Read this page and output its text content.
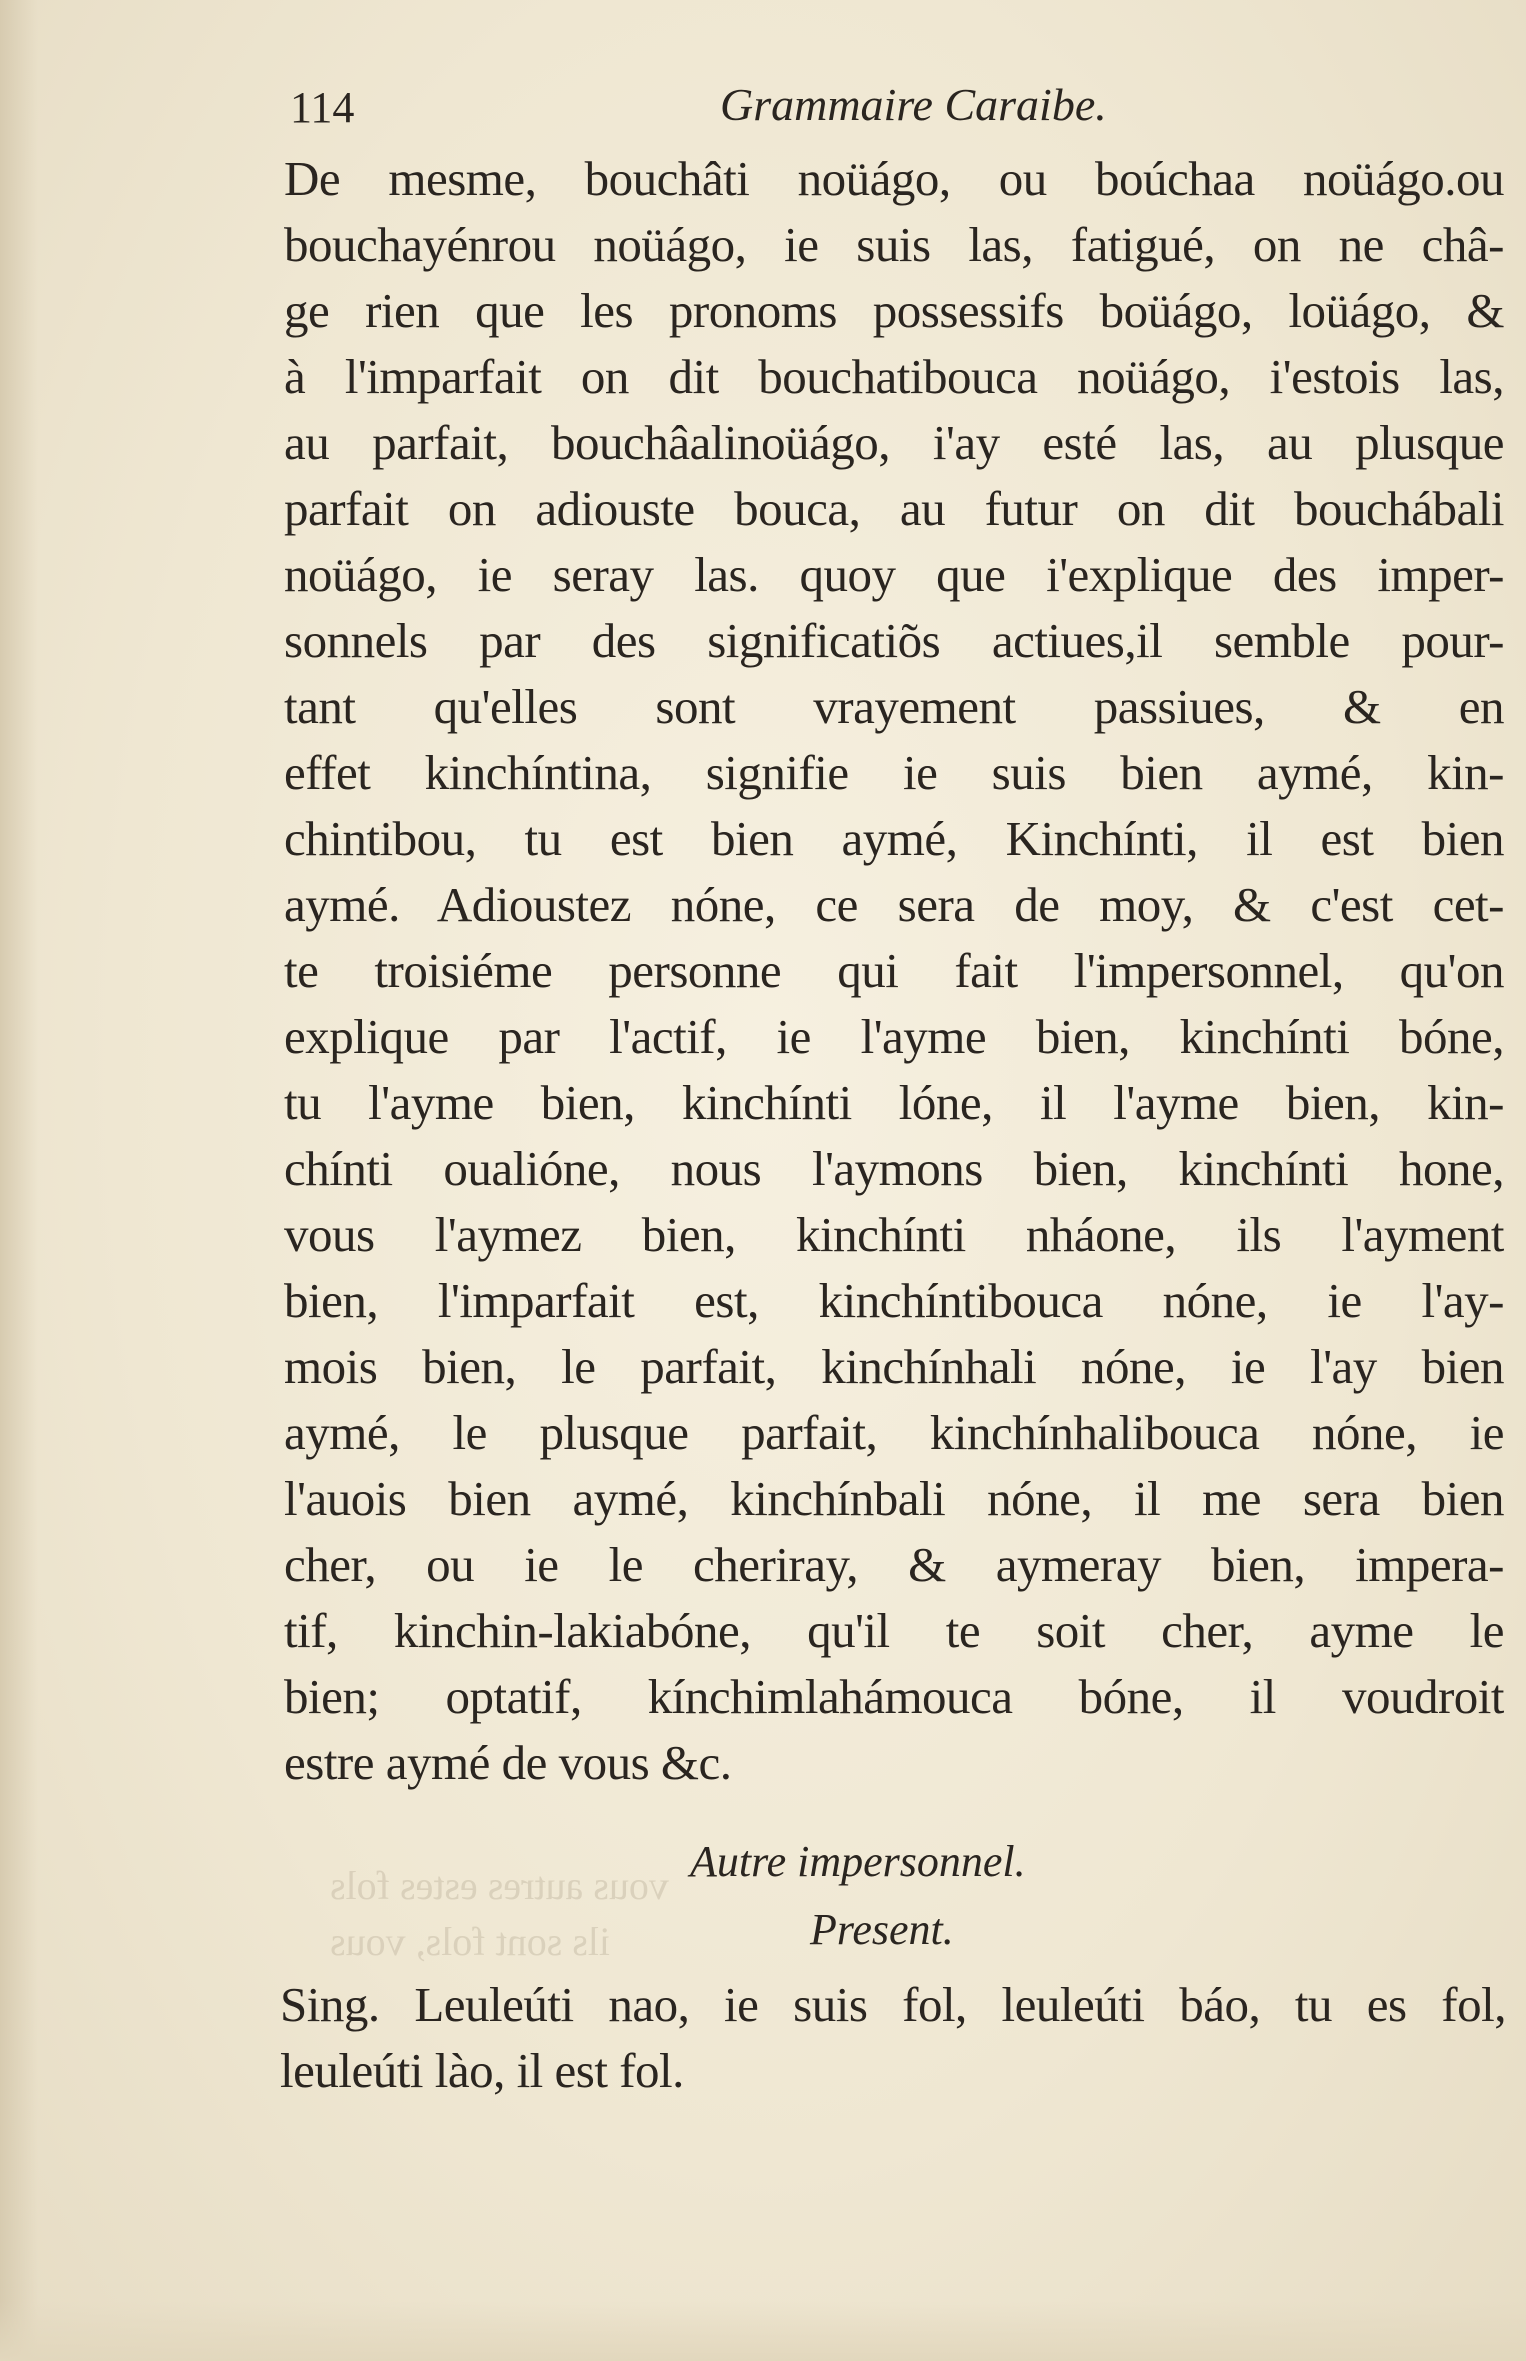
vous autres estes fols
ils sont fols, vous
114	Grammaire Caraibe.
De mesme, bouchâti noüágo, ou boúchaa noüágo.ou
bouchayénrou noüágo, ie suis las, fatigué, on ne châ-
ge rien que les pronoms possessifs boüágo, loüágo, &
à l'imparfait on dit bouchatibouca noüágo, i'estois las,
au parfait, bouchâalinoüágo, i'ay esté las, au plusque
parfait on adiouste bouca, au futur on dit bouchábali
noüágo, ie seray las. quoy que i'explique des imper-
sonnels par des significatiõs actiues,il semble pour-
tant qu'elles sont vrayement passiues, & en
effet kinchíntina, signifie ie suis bien aymé, kin-
chintibou, tu est bien aymé, Kinchínti, il est bien
aymé. Adioustez nóne, ce sera de moy, & c'est cet-
te troisiéme personne qui fait l'impersonnel, qu'on
explique par l'actif, ie l'ayme bien, kinchínti bóne,
tu l'ayme bien, kinchínti lóne, il l'ayme bien, kin-
chínti oualióne, nous l'aymons bien, kinchínti hone,
vous l'aymez bien, kinchínti nháone, ils l'ayment
bien, l'imparfait est, kinchíntibouca nóne, ie l'ay-
mois bien, le parfait, kinchínhali nóne, ie l'ay bien
aymé, le plusque parfait, kinchínhalibouca nóne, ie
l'auois bien aymé, kinchínbali nóne, il me sera bien
cher, ou ie le cheriray, & aymeray bien, impera-
tif, kinchin-lakiabóne, qu'il te soit cher, ayme le
bien; optatif, kínchimlahámouca bóne, il voudroit
estre aymé de vous &c.
Autre impersonnel.
Present.
Sing. Leuleúti nao, ie suis fol, leuleúti báo, tu es fol,
leuleúti lào, il est fol.
